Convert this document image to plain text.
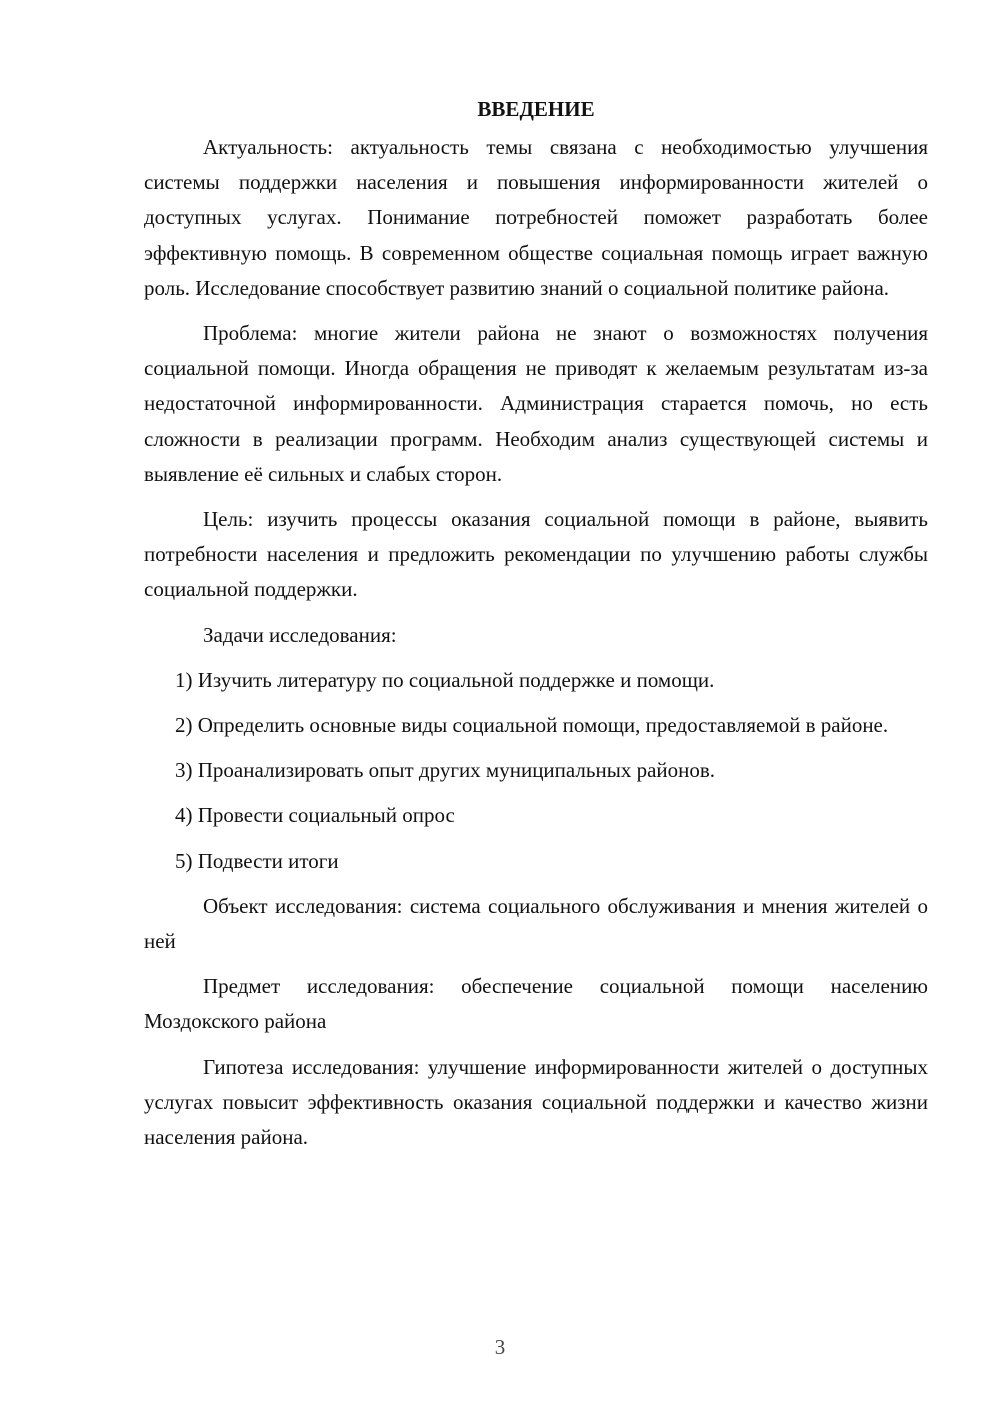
ВВЕДЕНИЕ

Актуальность: актуальность темы связана с необходимостью улучшения системы поддержки населения и повышения информированности жителей о доступных услугах. Понимание потребностей поможет разработать более эффективную помощь. В современном обществе социальная помощь играет важную роль. Исследование способствует развитию знаний о социальной политике района.

Проблема: многие жители района не знают о возможностях получения социальной помощи. Иногда обращения не приводят к желаемым результатам из-за недостаточной информированности. Администрация старается помочь, но есть сложности в реализации программ. Необходим анализ существующей системы и выявление её сильных и слабых сторон.

Цель: изучить процессы оказания социальной помощи в районе, выявить потребности населения и предложить рекомендации по улучшению работы службы социальной поддержки.

Задачи исследования:

1) Изучить литературу по социальной поддержке и помощи.

2) Определить основные виды социальной помощи, предоставляемой в районе.

3) Проанализировать опыт других муниципальных районов.

4) Провести социальный опрос

5) Подвести итоги

Объект исследования: система социального обслуживания и мнения жителей о ней

Предмет исследования: обеспечение социальной помощи населению Моздокского района

Гипотеза исследования: улучшение информированности жителей о доступных услугах повысит эффективность оказания социальной поддержки и качество жизни населения района.

3
